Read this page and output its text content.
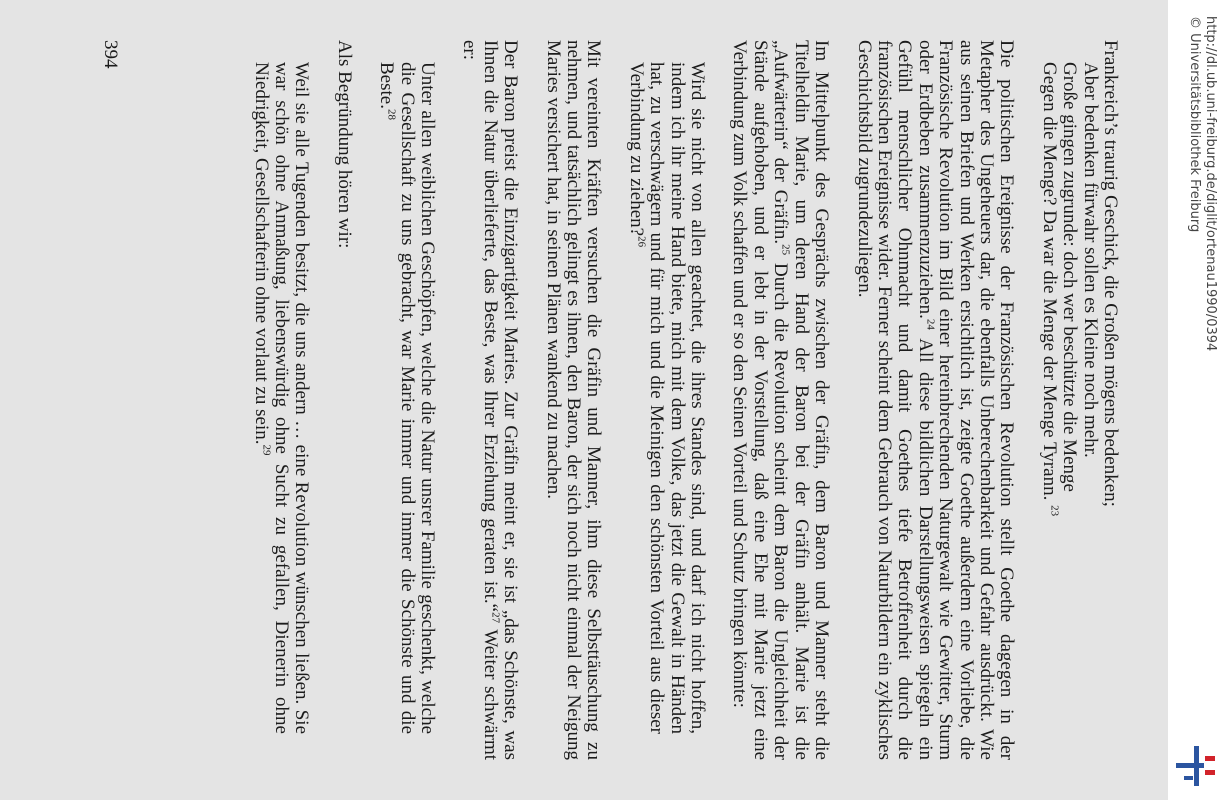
Frankreich’s traurig Geschick, die Großen mögens bedenken;
Aber bedenken fürwahr sollen es Kleine noch mehr.
Große gingen zugrunde: doch wer beschützte die Menge
Gegen die Menge? Da war die Menge der Menge Tyrann. $^{23}$

Die politischen Ereignisse der Französischen Revolution stellt Goethe dagegen in der Metapher des Ungeheuers dar, die ebenfalls Unberechenbarkeit und Gefahr ausdrückt. Wie aus seinen Briefen und Werken ersichtlich ist, zeigte Goethe außerdem eine Vorliebe, die Französische Revolution im Bild einer hereinbrechenden Naturgewalt wie Gewitter, Sturm oder Erdbeben zusammenzuziehen.$^{24}$ All diese bildlichen Darstellungsweisen spiegeln ein Gefühl menschlicher Ohnmacht und damit Goethes tiefe Betroffenheit durch die französischen Ereignisse wider. Ferner scheint dem Gebrauch von Naturbildern ein zyklisches Geschichtsbild zugrundezuliegen.

Im Mittelpunkt des Gesprächs zwischen der Gräfin, dem Baron und Manner steht die Titelheldin Marie, um deren Hand der Baron bei der Gräfin anhält. Marie ist die „Aufwärterin“ der Gräfin.$^{25}$ Durch die Revolution scheint dem Baron die Ungleichheit der Stände aufgehoben, und er lebt in der Vorstellung, daß eine Ehe mit Marie jetzt eine Verbindung zum Volk schaffen und er so den Seinen Vorteil und Schutz bringen könnte:

Wird sie nicht von allen geachtet, die ihres Standes sind, und darf ich nicht hoffen, indem ich ihr meine Hand biete, mich mit dem Volke, das jetzt die Gewalt in Händen hat, zu verschwägern und für mich und die Meinigen den schönsten Vorteil aus dieser Verbindung zu ziehen?$^{26}$

Mit vereinten Kräften versuchen die Gräfin und Manner, ihm diese Selbsttäuschung zu nehmen, und tatsächlich gelingt es ihnen, den Baron, der sich noch nicht einmal der Neigung Maries versichert hat, in seinen Plänen wankend zu machen.

Der Baron preist die Einzigartigkeit Maries. Zur Gräfin meint er, sie ist „das Schönste, was Ihnen die Natur überlieferte, das Beste, was Ihrer Erziehung geraten ist.“$^{27}$ Weiter schwärmt er:

Unter allen weiblichen Geschöpfen, welche die Natur unsrer Familie geschenkt, welche die Gesellschaft zu uns gebracht, war Marie immer und immer die Schönste und die Beste.$^{28}$

Als Begründung hören wir:

Weil sie alle Tugenden besitzt, die uns andern … eine Revolution wünschen ließen. Sie war schön ohne Anmaßung, liebenswürdig ohne Sucht zu gefallen, Dienerin ohne Niedrigkeit, Gesellschafterin ohne vorlaut zu sein.$^{29}$

394	http://dl.ub.uni-freiburg.de/diglit/ortenau1990/0394
© Universitätsbibliothek Freiburg
